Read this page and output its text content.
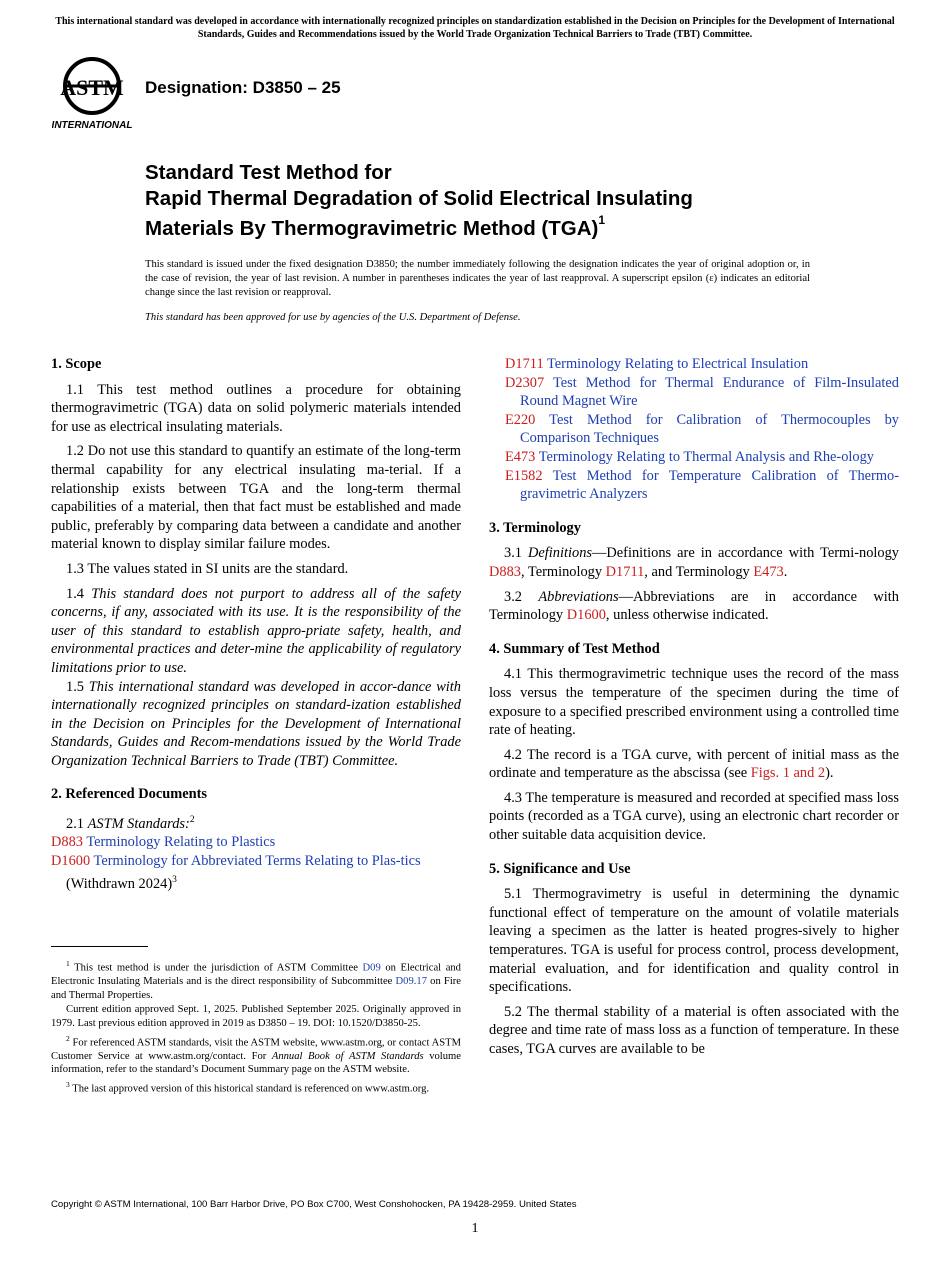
This international standard was developed in accordance with internationally recognized principles on standardization established in the Decision on Principles for the Development of International Standards, Guides and Recommendations issued by the World Trade Organization Technical Barriers to Trade (TBT) Committee.
ASTM
INTERNATIONAL
Designation: D3850 – 25
Standard Test Method for
Rapid Thermal Degradation of Solid Electrical Insulating
Materials By Thermogravimetric Method (TGA)$^1$
This standard is issued under the fixed designation D3850; the number immediately following the designation indicates the year of original adoption or, in the case of revision, the year of last revision. A number in parentheses indicates the year of last reapproval. A superscript epsilon (ε) indicates an editorial change since the last revision or reapproval.
This standard has been approved for use by agencies of the U.S. Department of Defense.
1. Scope

1.1 This test method outlines a procedure for obtaining thermogravimetric (TGA) data on solid polymeric materials intended for use as electrical insulating materials.

1.2 Do not use this standard to quantify an estimate of the long-term thermal capability for any electrical insulating ma-terial. If a relationship exists between TGA and the long-term thermal capabilities of a material, then that fact must be established and made public, preferably by comparing data between a candidate and another material known to display similar failure modes.

1.3 The values stated in SI units are the standard.

1.4 This standard does not purport to address all of the safety concerns, if any, associated with its use. It is the responsibility of the user of this standard to establish appro-priate safety, health, and environmental practices and deter-mine the applicability of regulatory limitations prior to use.

1.5 This international standard was developed in accor-dance with internationally recognized principles on standard-ization established in the Decision on Principles for the Development of International Standards, Guides and Recom-mendations issued by the World Trade Organization Technical Barriers to Trade (TBT) Committee.

2. Referenced Documents

2.1 ASTM Standards:$^2$

D883 Terminology Relating to Plastics

D1600 Terminology for Abbreviated Terms Relating to Plas-tics (Withdrawn 2024)$^3$

$^1$ This test method is under the jurisdiction of ASTM Committee D09 on Electrical and Electronic Insulating Materials and is the direct responsibility of Subcommittee D09.17 on Fire and Thermal Properties.

Current edition approved Sept. 1, 2025. Published September 2025. Originally approved in 1979. Last previous edition approved in 2019 as D3850 – 19. DOI: 10.1520/D3850-25.

$^2$ For referenced ASTM standards, visit the ASTM website, www.astm.org, or contact ASTM Customer Service at www.astm.org/contact. For Annual Book of ASTM Standards volume information, refer to the standard’s Document Summary page on the ASTM website.

$^3$ The last approved version of this historical standard is referenced on www.astm.org.

D1711 Terminology Relating to Electrical Insulation

D2307 Test Method for Thermal Endurance of Film-Insulated Round Magnet Wire

E220 Test Method for Calibration of Thermocouples by Comparison Techniques

E473 Terminology Relating to Thermal Analysis and Rhe-ology

E1582 Test Method for Temperature Calibration of Thermo-gravimetric Analyzers

3. Terminology

3.1 Definitions—Definitions are in accordance with Termi-nology D883, Terminology D1711, and Terminology E473.

3.2 Abbreviations—Abbreviations are in accordance with Terminology D1600, unless otherwise indicated.

4. Summary of Test Method

4.1 This thermogravimetric technique uses the record of the mass loss versus the temperature of the specimen during the time of exposure to a specified prescribed environment using a controlled time rate of heating.

4.2 The record is a TGA curve, with percent of initial mass as the ordinate and temperature as the abscissa (see Figs. 1 and 2).

4.3 The temperature is measured and recorded at specified mass loss points (recorded as a TGA curve), using an electronic chart recorder or other suitable data acquisition device.

5. Significance and Use

5.1 Thermogravimetry is useful in determining the dynamic functional effect of temperature on the amount of volatile materials leaving a specimen as the latter is heated progres-sively to higher temperatures. TGA is useful for process control, process development, material evaluation, and for identification and quality control in specifications.

5.2 The thermal stability of a material is often associated with the degree and time rate of mass loss as a function of temperature. In these cases, TGA curves are available to be

Copyright © ASTM International, 100 Barr Harbor Drive, PO Box C700, West Conshohocken, PA 19428-2959. United States
1
